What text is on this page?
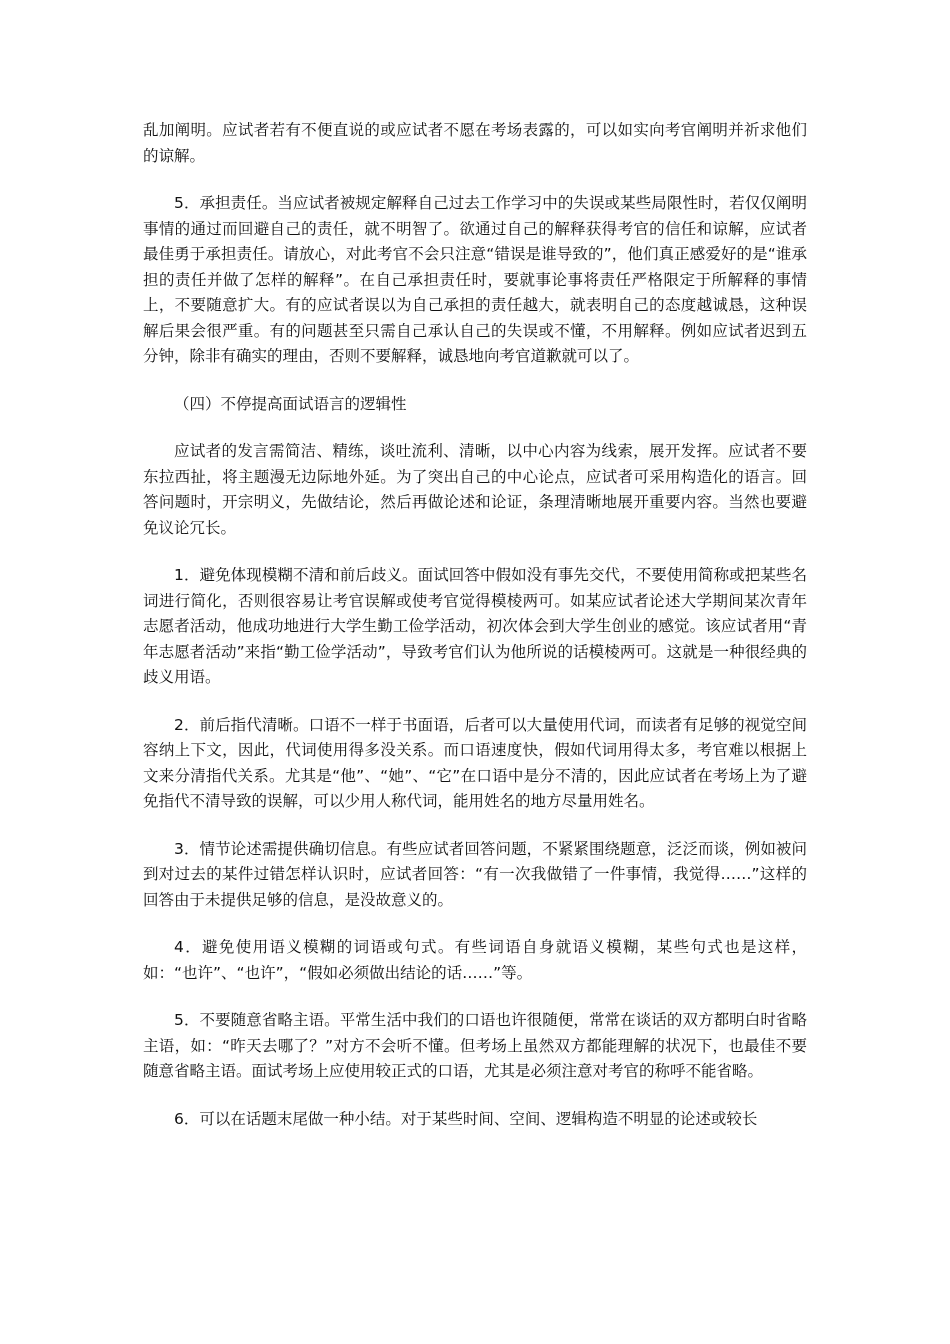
乱加阐明。应试者若有不便直说的或应试者不愿在考场表露的，可以如实向考官阐明并祈求他们的谅解。

5．承担责任。当应试者被规定解释自己过去工作学习中的失误或某些局限性时，若仅仅阐明事情的通过而回避自己的责任，就不明智了。欲通过自己的解释获得考官的信任和谅解，应试者最佳勇于承担责任。请放心，对此考官不会只注意“错误是谁导致的”，他们真正感爱好的是“谁承担的责任并做了怎样的解释”。在自己承担责任时，要就事论事将责任严格限定于所解释的事情上，不要随意扩大。有的应试者误以为自己承担的责任越大，就表明自己的态度越诚恳，这种误解后果会很严重。有的问题甚至只需自己承认自己的失误或不懂，不用解释。例如应试者迟到五分钟，除非有确实的理由，否则不要解释，诚恳地向考官道歉就可以了。

（四）不停提高面试语言的逻辑性

应试者的发言需简洁、精练，谈吐流利、清晰，以中心内容为线索，展开发挥。应试者不要东拉西扯，将主题漫无边际地外延。为了突出自己的中心论点，应试者可采用构造化的语言。回答问题时，开宗明义，先做结论，然后再做论述和论证，条理清晰地展开重要内容。当然也要避免议论冗长。

1．避免体现模糊不清和前后歧义。面试回答中假如没有事先交代，不要使用简称或把某些名词进行简化，否则很容易让考官误解或使考官觉得模棱两可。如某应试者论述大学期间某次青年志愿者活动，他成功地进行大学生勤工俭学活动，初次体会到大学生创业的感觉。该应试者用“青年志愿者活动”来指“勤工俭学活动”，导致考官们认为他所说的话模棱两可。这就是一种很经典的歧义用语。

2．前后指代清晰。口语不一样于书面语，后者可以大量使用代词，而读者有足够的视觉空间容纳上下文，因此，代词使用得多没关系。而口语速度快，假如代词用得太多，考官难以根据上文来分清指代关系。尤其是“他”、“她”、“它”在口语中是分不清的，因此应试者在考场上为了避免指代不清导致的误解，可以少用人称代词，能用姓名的地方尽量用姓名。

3．情节论述需提供确切信息。有些应试者回答问题，不紧紧围绕题意，泛泛而谈，例如被问到对过去的某件过错怎样认识时，应试者回答：“有一次我做错了一件事情，我觉得……”这样的回答由于未提供足够的信息，是没故意义的。

4．避免使用语义模糊的词语或句式。有些词语自身就语义模糊，某些句式也是这样，如：“也许”、“也许”，“假如必须做出结论的话……”等。

5．不要随意省略主语。平常生活中我们的口语也许很随便，常常在谈话的双方都明白时省略主语，如：“昨天去哪了？”对方不会听不懂。但考场上虽然双方都能理解的状况下，也最佳不要随意省略主语。面试考场上应使用较正式的口语，尤其是必须注意对考官的称呼不能省略。

6．可以在话题末尾做一种小结。对于某些时间、空间、逻辑构造不明显的论述或较长
